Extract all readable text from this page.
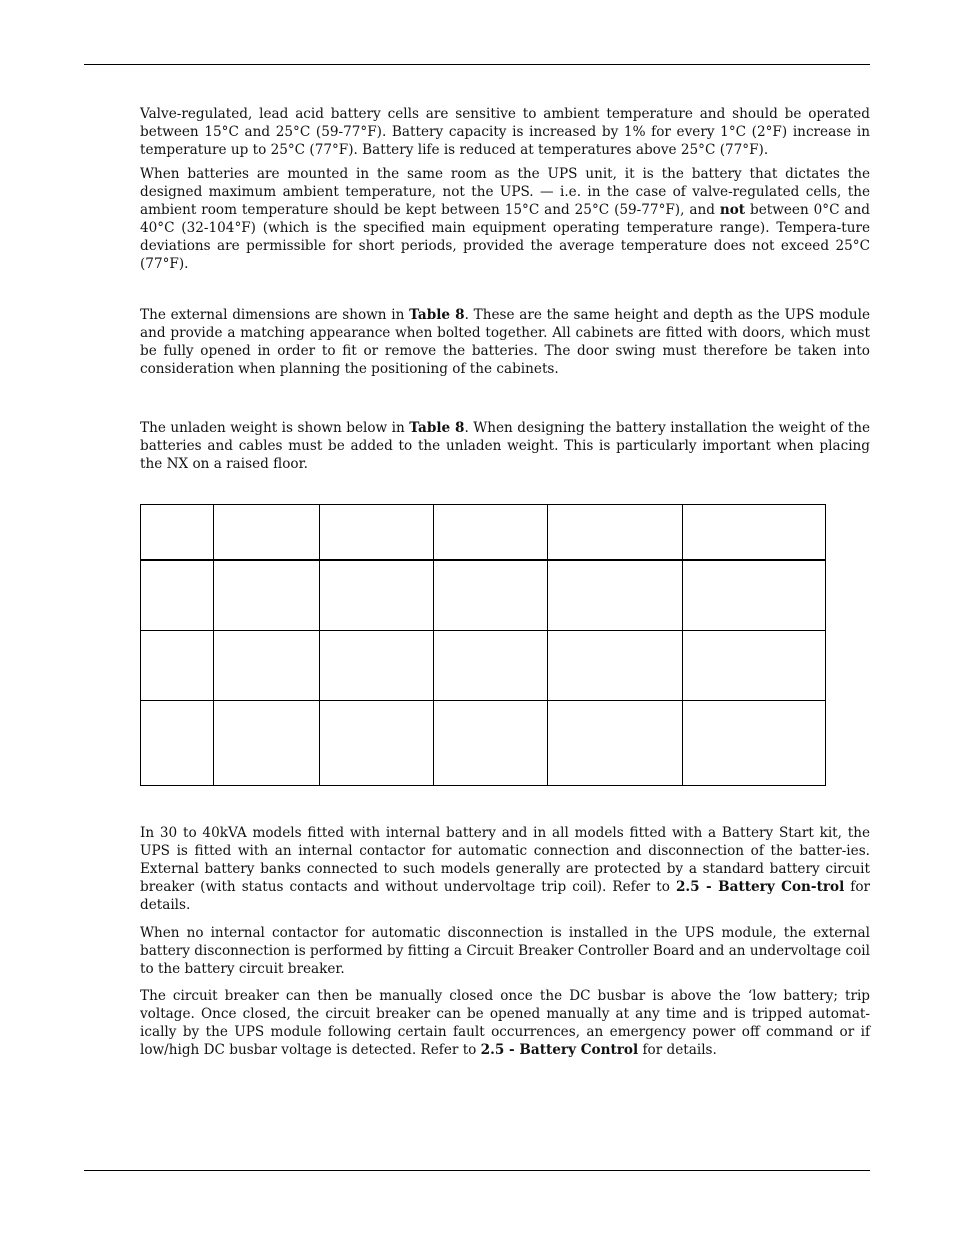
Valve-regulated, lead acid battery cells are sensitive to ambient temperature and should be operated between 15°C and 25°C (59-77°F). Battery capacity is increased by 1% for every 1°C (2°F) increase in temperature up to 25°C (77°F). Battery life is reduced at temperatures above 25°C (77°F).

When batteries are mounted in the same room as the UPS unit, it is the battery that dictates the designed maximum ambient temperature, not the UPS. — i.e. in the case of valve-regulated cells, the ambient room temperature should be kept between 15°C and 25°C (59-77°F), and not between 0°C and 40°C (32-104°F) (which is the specified main equipment operating temperature range). Tempera-ture deviations are permissible for short periods, provided the average temperature does not exceed 25°C (77°F).

The external dimensions are shown in Table 8. These are the same height and depth as the UPS module and provide a matching appearance when bolted together. All cabinets are fitted with doors, which must be fully opened in order to fit or remove the batteries. The door swing must therefore be taken into consideration when planning the positioning of the cabinets.

The unladen weight is shown below in Table 8. When designing the battery installation the weight of the batteries and cables must be added to the unladen weight. This is particularly important when placing the NX on a raised floor.

In 30 to 40kVA models fitted with internal battery and in all models fitted with a Battery Start kit, the UPS is fitted with an internal contactor for automatic connection and disconnection of the batter-ies. External battery banks connected to such models generally are protected by a standard battery circuit breaker (with status contacts and without undervoltage trip coil). Refer to 2.5 - Battery Con-trol for details.

When no internal contactor for automatic disconnection is installed in the UPS module, the external battery disconnection is performed by fitting a Circuit Breaker Controller Board and an undervoltage coil to the battery circuit breaker.

The circuit breaker can then be manually closed once the DC busbar is above the ‘low battery; trip voltage. Once closed, the circuit breaker can be opened manually at any time and is tripped automat-ically by the UPS module following certain fault occurrences, an emergency power off command or if low/high DC busbar voltage is detected. Refer to 2.5 - Battery Control for details.
